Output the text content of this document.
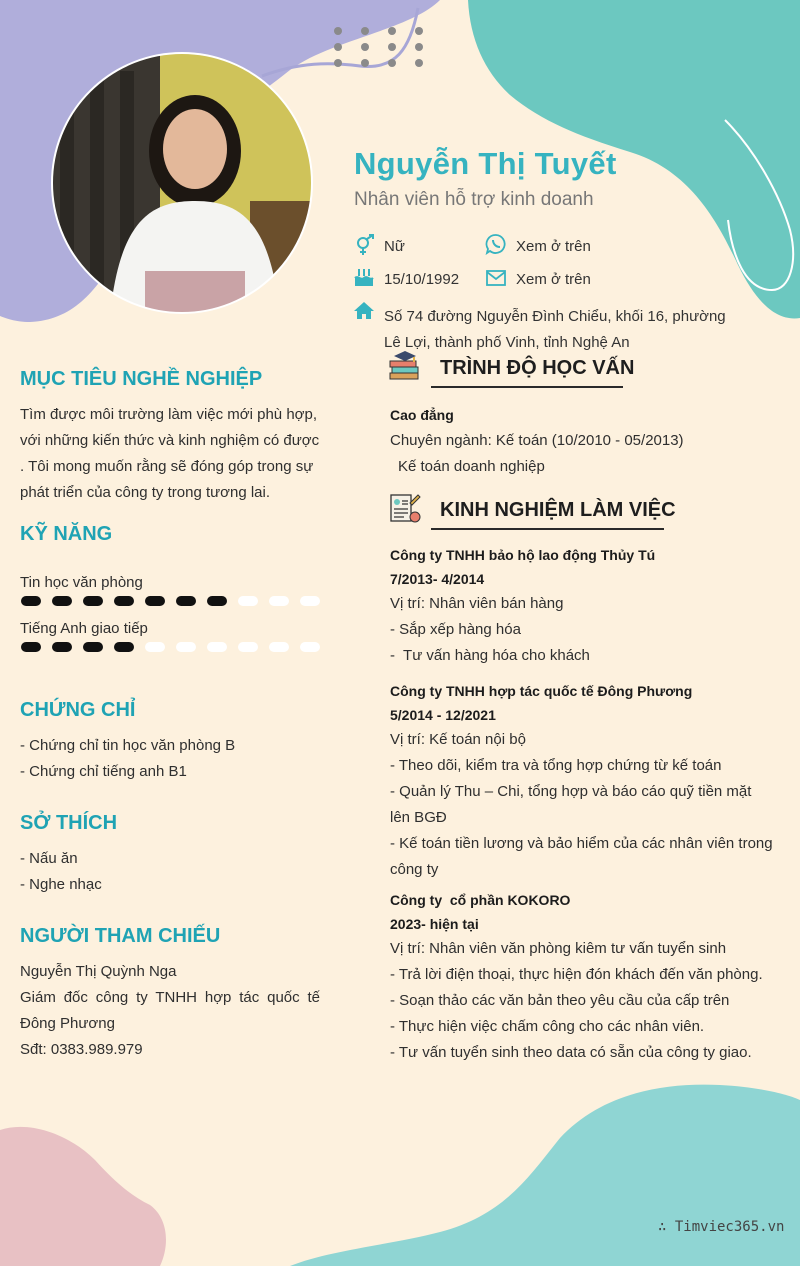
Nguyễn Thị Tuyết
Nhân viên hỗ trợ kinh doanh
Nữ	Xem ở trên
15/10/1992	Xem ở trên
Số 74 đường Nguyễn Đình Chiểu, khối 16, phường
Lê Lợi, thành phố Vinh, tỉnh Nghệ An
MỤC TIÊU NGHỀ NGHIỆP
Tìm được môi trường làm việc mới phù hợp,
với những kiến thức và kinh nghiệm có được
. Tôi mong muốn rằng sẽ đóng góp trong sự
phát triển của công ty trong tương lai.
KỸ NĂNG
Tin học văn phòng
Tiếng Anh giao tiếp
CHỨNG CHỈ
- Chứng chỉ tin học văn phòng B
- Chứng chỉ tiếng anh B1
SỞ THÍCH
- Nấu ăn
- Nghe nhạc
NGƯỜI THAM CHIẾU
Nguyễn Thị Quỳnh Nga
Giám đốc công ty TNHH hợp tác quốc tế
Đông Phương
Sđt: 0383.989.979
TRÌNH ĐỘ HỌC VẤN
Cao đẳng
Chuyên ngành: Kế toán (10/2010 - 05/2013)
Kế toán doanh nghiệp
KINH NGHIỆM LÀM VIỆC
Công ty TNHH bảo hộ lao động Thủy Tú
7/2013- 4/2014
Vị trí: Nhân viên bán hàng
- Sắp xếp hàng hóa
-  Tư vấn hàng hóa cho khách
Công ty TNHH hợp tác quốc tế Đông Phương
5/2014 - 12/2021
Vị trí: Kế toán nội bộ
- Theo dõi, kiểm tra và tổng hợp chứng từ kế toán
- Quản lý Thu – Chi, tổng hợp và báo cáo quỹ tiền mặt
lên BGĐ
- Kế toán tiền lương và bảo hiểm của các nhân viên trong
công ty
Công ty  cổ phần KOKORO
2023- hiện tại
Vị trí: Nhân viên văn phòng kiêm tư vấn tuyển sinh
- Trả lời điện thoại, thực hiện đón khách đến văn phòng.
- Soạn thảo các văn bản theo yêu cầu của cấp trên
- Thực hiện việc chấm công cho các nhân viên.
- Tư vấn tuyển sinh theo data có sẵn của công ty giao.
∴ Timviec365.vn
